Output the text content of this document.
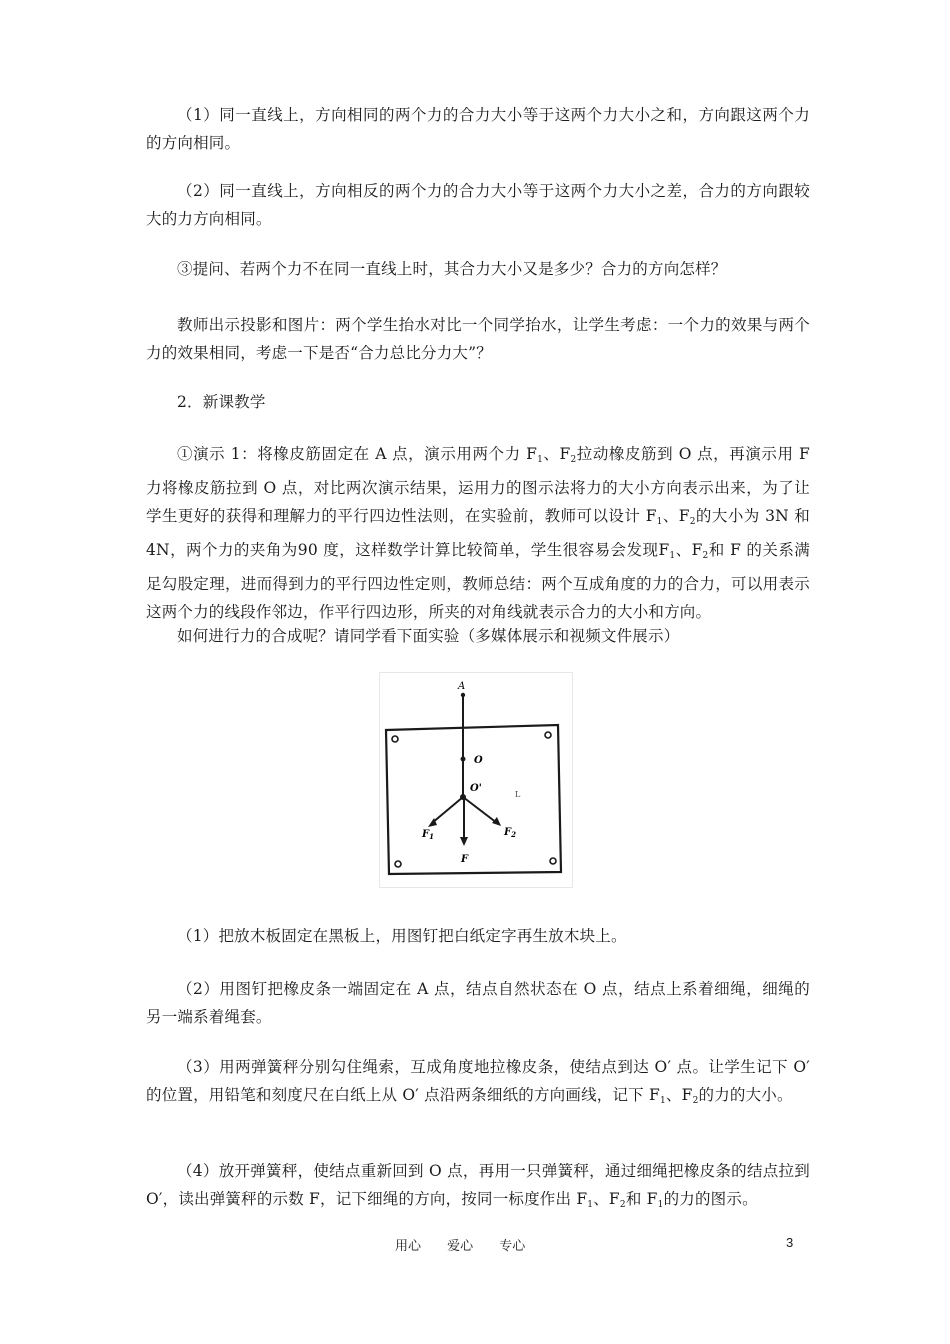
（1）同一直线上，方向相同的两个力的合力大小等于这两个力大小之和，方向跟这两个力的方向相同。

（2）同一直线上，方向相反的两个力的合力大小等于这两个力大小之差，合力的方向跟较大的力方向相同。

③提问、若两个力不在同一直线上时，其合力大小又是多少？合力的方向怎样？

教师出示投影和图片：两个学生抬水对比一个同学抬水，让学生考虑：一个力的效果与两个力的效果相同，考虑一下是否“合力总比分力大”？

2．新课教学

①演示 1：将橡皮筋固定在 A 点，演示用两个力 $F_1$、$F_2$拉动橡皮筋到 O 点，再演示用 F 力将橡皮筋拉到 O 点，对比两次演示结果，运用力的图示法将力的大小方向表示出来，为了让学生更好的获得和理解力的平行四边性法则，在实验前，教师可以设计 $F_1$、$F_2$的大小为 3N 和 4N，两个力的夹角为90 度，这样数学计算比较简单，学生很容易会发现$F_1$、$F_2$和 F 的关系满足勾股定理，进而得到力的平行四边性定则，教师总结：两个互成角度的力的合力，可以用表示这两个力的线段作邻边，作平行四边形，所夹的对角线就表示合力的大小和方向。

如何进行力的合成呢？请同学看下面实验（多媒体展示和视频文件展示）

A
O
O'
$F_1$	$F_2$
F
L

（1）把放木板固定在黑板上，用图钉把白纸定字再生放木块上。

（2）用图钉把橡皮条一端固定在 A 点，结点自然状态在 O 点，结点上系着细绳，细绳的另一端系着绳套。

（3）用两弹簧秤分别勾住绳索，互成角度地拉橡皮条，使结点到达 O′ 点。让学生记下 O′ 的位置，用铅笔和刻度尺在白纸上从 O′ 点沿两条细纸的方向画线，记下 $F_1$、$F_2$的力的大小。

（4）放开弹簧秤，使结点重新回到 O 点，再用一只弹簧秤，通过细绳把橡皮条的结点拉到 O′，读出弹簧秤的示数 F，记下细绳的方向，按同一标度作出 $F_1$、$F_2$和 $F_1$的力的图示。

用心 爱心 专心	3
